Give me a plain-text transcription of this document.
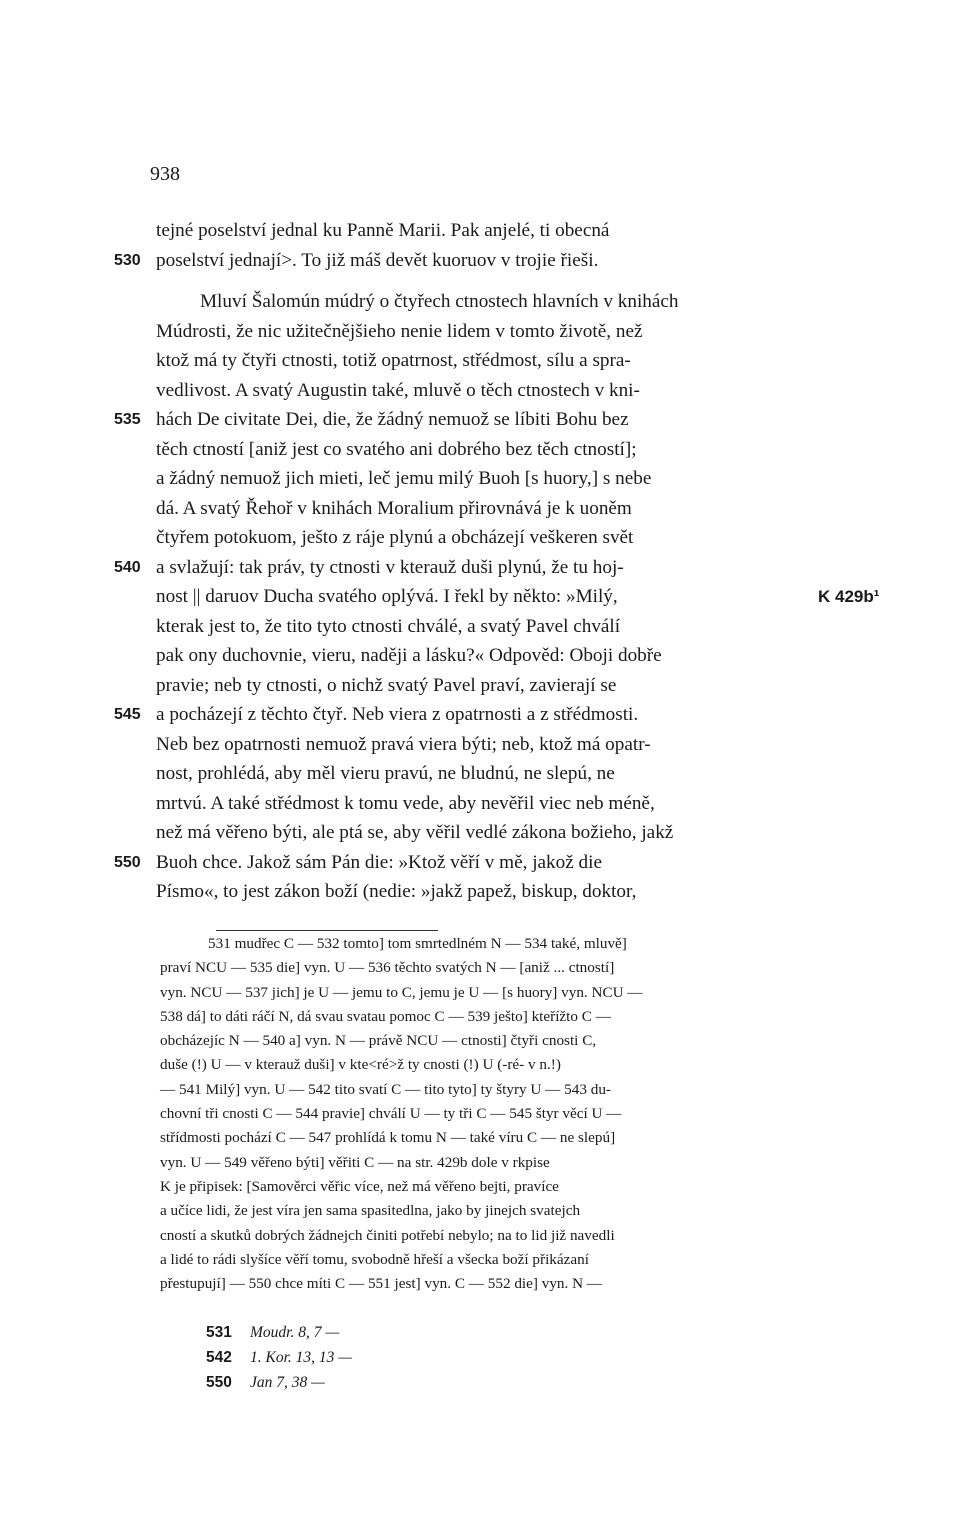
938
tejné poselství jednal ku Panně Marii. Pak anjelé, ti obecná
530 poselství jednají>. To již máš devět kuoruov v trojie řieši.
Mluví Šalomún múdrý o čtyřech ctnostech hlavních v knihách
Múdrosti, že nic užitečnějšieho nenie lidem v tomto životě, než
ktož má ty čtyři ctnosti, totiž opatrnost, střédmost, sílu a spra-
vedlivost. A svatý Augustin také, mluvě o těch ctnostech v kni-
535 hách De civitate Dei, die, že žádný nemuož se líbiti Bohu bez
těch ctností [aniž jest co svatého ani dobrého bez těch ctností];
a žádný nemuož jich mieti, leč jemu milý Buoh [s huory,] s nebe
dá. A svatý Řehoř v knihách Moralium přirovnává je k uoněm
čtyřem potokuom, ješto z ráje plynú a obcházejí veškeren svět
540 a svlažují: tak práv, ty ctnosti v kterauž duši plynú, že tu hoj-
nost || daruov Ducha svatého oplývá. I řekl by někto: »Milý,	K 429b¹
kterak jest to, že tito tyto ctnosti chválé, a svatý Pavel chválí
pak ony duchovnie, vieru, naději a lásku?« Odpověd: Oboji dobře
pravie; neb ty ctnosti, o nichž svatý Pavel praví, zavierají se
545 a pocházejí z těchto čtyř. Neb viera z opatrnosti a z střédmosti.
Neb bez opatrnosti nemuož pravá viera býti; neb, ktož má opatr-
nost, prohlédá, aby měl vieru pravú, ne bludnú, ne slepú, ne
mrtvú. A také střédmost k tomu vede, aby nevěřil viec neb méně,
než má věřeno býti, ale ptá se, aby věřil vedlé zákona božieho, jakž
550 Buoh chce. Jakož sám Pán die: »Ktož věří v mě, jakož die
Písmo«, to jest zákon boží (nedie: »jakž papež, biskup, doktor,
531 mudřec C — 532 tomto] tom smrtedlném N — 534 také, mluvě]
praví NCU — 535 die] vyn. U — 536 těchto svatých N — [aniž ... ctností]
vyn. NCU — 537 jich] je U — jemu to C, jemu je U — [s huory] vyn. NCU —
538 dá] to dáti ráčí N, dá svau svatau pomoc C — 539 ješto] kteřížto C —
obcházejíc N — 540 a] vyn. N — právě NCU — ctnosti] čtyři cnosti C,
duše (!) U — v kterauž duši] v kte<ré>ž ty cnosti (!) U (-ré- v n.!)
— 541 Milý] vyn. U — 542 tito svatí C — tito tyto] ty štyry U — 543 du-
chovní tři cnosti C — 544 pravie] chválí U — ty tři C — 545 štyr věcí U —
střídmosti pochází C — 547 prohlídá k tomu N — také víru C — ne slepú]
vyn. U — 549 věřeno býti] věřiti C — na str. 429b dole v rkpise
K je připisek: [Samověrci věřic více, než má věřeno bejti, pravíce
a učíce lidi, že jest víra jen sama spasitedlna, jako by jinejch svatejch
cností a skutků dobrých žádnejch činiti potřebí nebylo; na to lid již navedli
a lidé to rádi slyšíce věří tomu, svobodně hřeší a všecka boží přikázaní
přestupují] — 550 chce míti C — 551 jest] vyn. C — 552 die] vyn. N —
531 Moudr. 8, 7 —
542 1. Kor. 13, 13 —
550 Jan 7, 38 —
